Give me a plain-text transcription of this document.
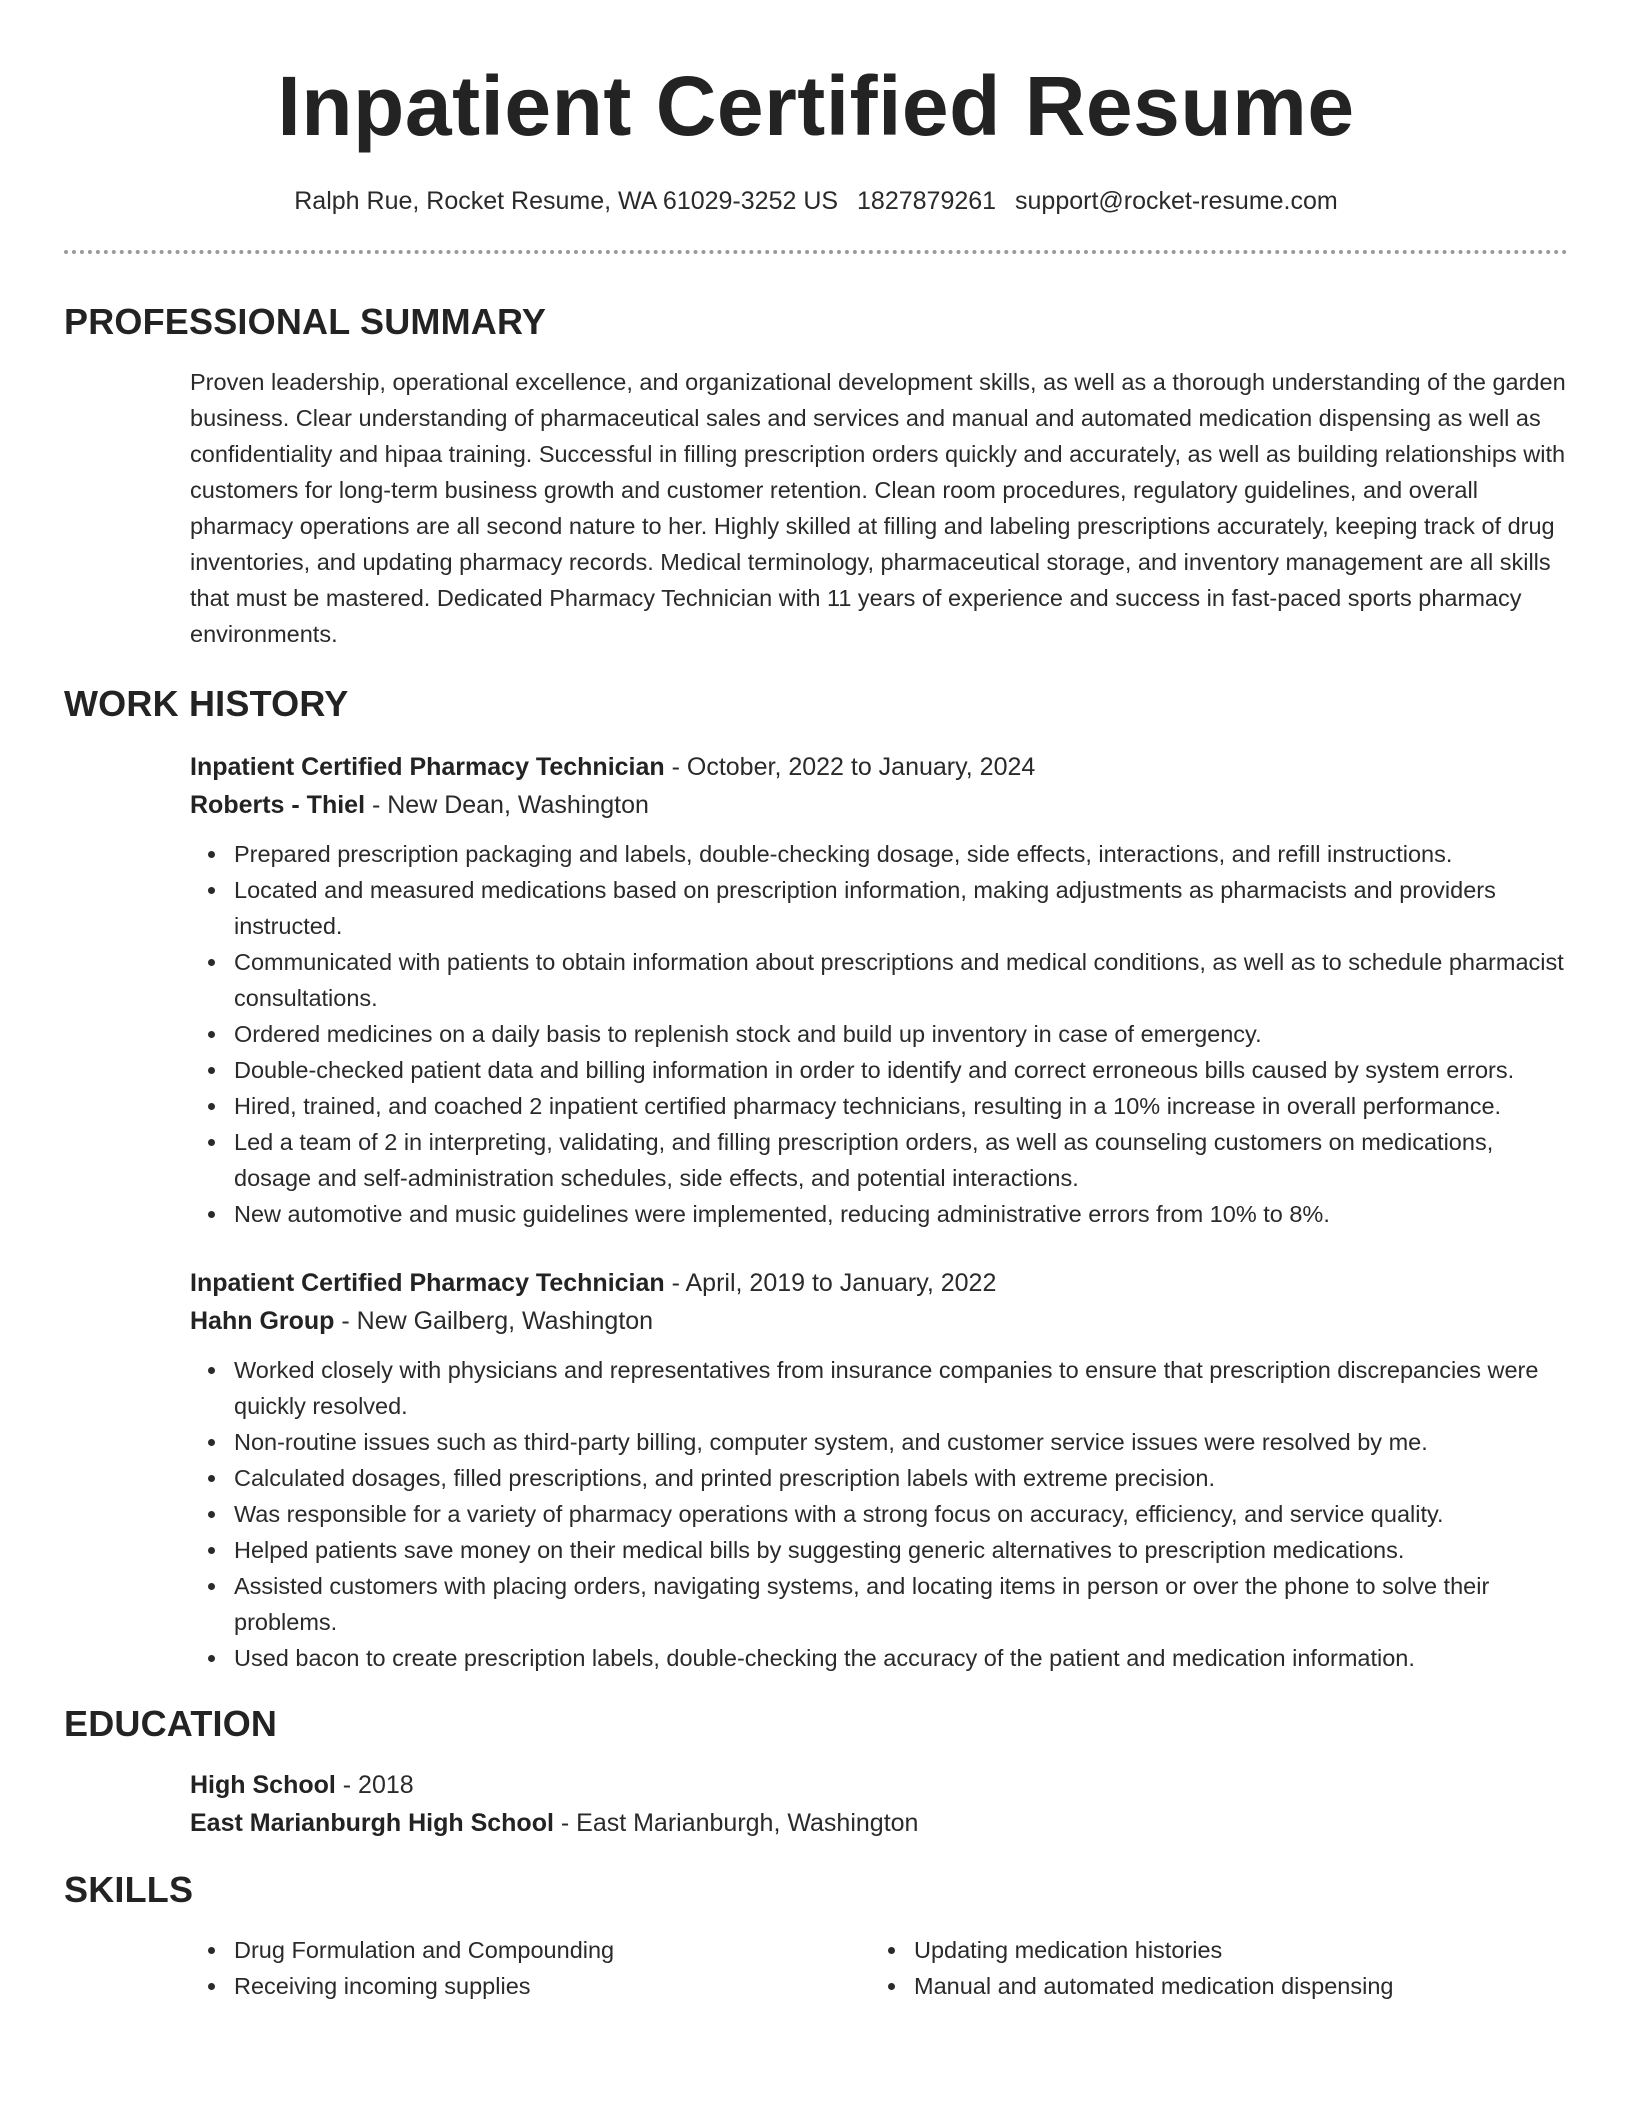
Inpatient Certified Resume
Ralph Rue, Rocket Resume, WA 61029-3252 US 1827879261 support@rocket-resume.com
PROFESSIONAL SUMMARY

Proven leadership, operational excellence, and organizational development skills, as well as a thorough understanding of the garden business. Clear understanding of pharmaceutical sales and services and manual and automated medication dispensing as well as confidentiality and hipaa training. Successful in filling prescription orders quickly and accurately, as well as building relationships with customers for long-term business growth and customer retention. Clean room procedures, regulatory guidelines, and overall pharmacy operations are all second nature to her. Highly skilled at filling and labeling prescriptions accurately, keeping track of drug inventories, and updating pharmacy records. Medical terminology, pharmaceutical storage, and inventory management are all skills that must be mastered. Dedicated Pharmacy Technician with 11 years of experience and success in fast-paced sports pharmacy environments.

WORK HISTORY
Inpatient Certified Pharmacy Technician - October, 2022 to January, 2024
Roberts - Thiel - New Dean, Washington
Prepared prescription packaging and labels, double-checking dosage, side effects, interactions, and refill instructions.
Located and measured medications based on prescription information, making adjustments as pharmacists and providers instructed.
Communicated with patients to obtain information about prescriptions and medical conditions, as well as to schedule pharmacist consultations.
Ordered medicines on a daily basis to replenish stock and build up inventory in case of emergency.
Double-checked patient data and billing information in order to identify and correct erroneous bills caused by system errors.
Hired, trained, and coached 2 inpatient certified pharmacy technicians, resulting in a 10% increase in overall performance.
Led a team of 2 in interpreting, validating, and filling prescription orders, as well as counseling customers on medications, dosage and self-administration schedules, side effects, and potential interactions.
New automotive and music guidelines were implemented, reducing administrative errors from 10% to 8%.
Inpatient Certified Pharmacy Technician - April, 2019 to January, 2022
Hahn Group - New Gailberg, Washington
Worked closely with physicians and representatives from insurance companies to ensure that prescription discrepancies were quickly resolved.
Non-routine issues such as third-party billing, computer system, and customer service issues were resolved by me.
Calculated dosages, filled prescriptions, and printed prescription labels with extreme precision.
Was responsible for a variety of pharmacy operations with a strong focus on accuracy, efficiency, and service quality.
Helped patients save money on their medical bills by suggesting generic alternatives to prescription medications.
Assisted customers with placing orders, navigating systems, and locating items in person or over the phone to solve their problems.
Used bacon to create prescription labels, double-checking the accuracy of the patient and medication information.
EDUCATION
High School - 2018
East Marianburgh High School - East Marianburgh, Washington
SKILLS
Drug Formulation and Compounding
Receiving incoming supplies
Updating medication histories
Manual and automated medication dispensing
